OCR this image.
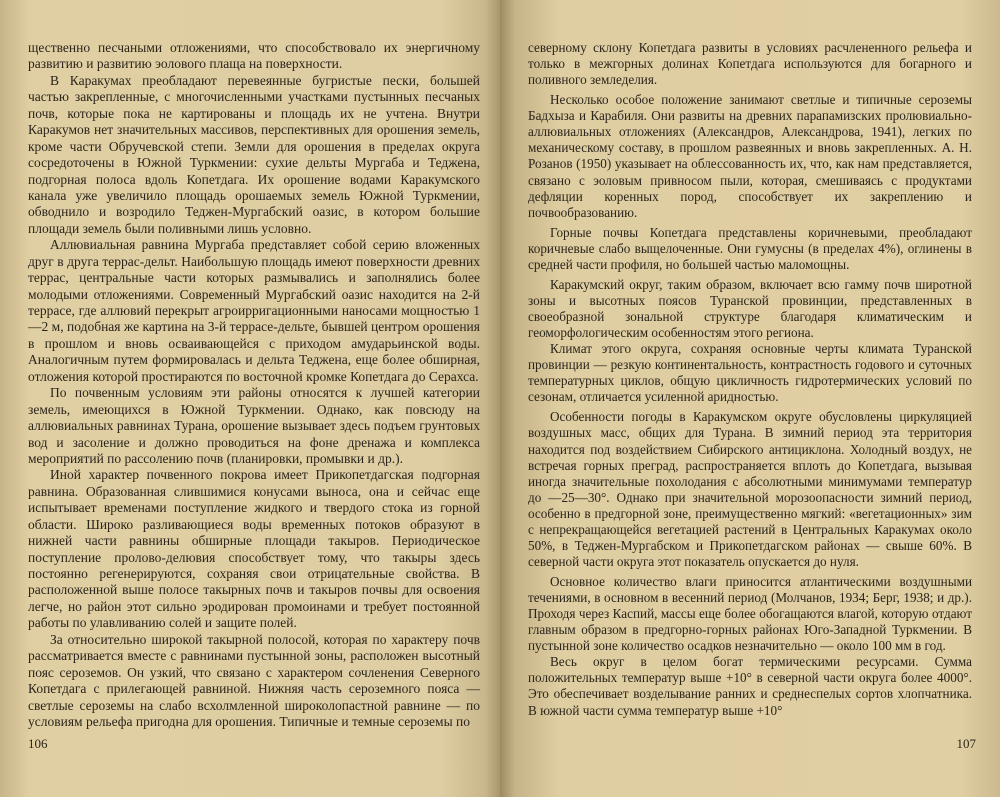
щественно песчаными отложениями, что способствовало их энергичному развитию и развитию эолового плаща на поверхности.

В Каракумах преобладают перевеянные бугристые пески, большей частью закрепленные, с многочисленными участками пустынных песчаных почв, которые пока не картированы и площадь их не учтена. Внутри Каракумов нет значительных массивов, перспективных для орошения земель, кроме части Обручевской степи. Земли для орошения в пределах округа сосредоточены в Южной Туркмении: сухие дельты Мургаба и Теджена, подгорная полоса вдоль Копетдага. Их орошение водами Каракумского канала уже увеличило площадь орошаемых земель Южной Туркмении, обводнило и возродило Теджен-Мургабский оазис, в котором большие площади земель были поливными лишь условно.

Аллювиальная равнина Мургаба представляет собой серию вложенных друг в друга террас-дельт. Наибольшую площадь имеют поверхности древних террас, центральные части которых размывались и заполнялись более молодыми отложениями. Современный Мургабский оазис находится на 2-й террасе, где аллювий перекрыт агроирригационными наносами мощностью 1—2 м, подобная же картина на 3-й террасе-дельте, бывшей центром орошения в прошлом и вновь осваивающейся с приходом амударьинской воды. Аналогичным путем формировалась и дельта Теджена, еще более обширная, отложения которой простираются по восточной кромке Копетдага до Серахса.

По почвенным условиям эти районы относятся к лучшей категории земель, имеющихся в Южной Туркмении. Однако, как повсюду на аллювиальных равнинах Турана, орошение вызывает здесь подъем грунтовых вод и засоление и должно проводиться на фоне дренажа и комплекса мероприятий по рассолению почв (планировки, промывки и др.).

Иной характер почвенного покрова имеет Прикопетдагская подгорная равнина. Образованная слившимися конусами выноса, она и сейчас еще испытывает временами поступление жидкого и твердого стока из горной области. Широко разливающиеся воды временных потоков образуют в нижней части равнины обширные площади такыров. Периодическое поступление пролово-делювия способствует тому, что такыры здесь постоянно регенерируются, сохраняя свои отрицательные свойства. В расположенной выше полосе такырных почв и такыров почвы для освоения легче, но район этот сильно эродирован промоинами и требует постоянной работы по улавливанию солей и защите полей.

За относительно широкой такырной полосой, которая по характеру почв рассматривается вместе с равнинами пустынной зоны, расположен высотный пояс сероземов. Он узкий, что связано с характером сочленения Северного Копетдага с прилегающей равниной. Нижняя часть сероземного пояса — светлые сероземы на слабо всхолмленной широколопастной равнине — по условиям рельефа пригодна для орошения. Типичные и темные сероземы по

106

северному склону Копетдага развиты в условиях расчлененного рельефа и только в межгорных долинах Копетдага используются для богарного и поливного земледелия.

Несколько особое положение занимают светлые и типичные сероземы Бадхыза и Карабиля. Они развиты на древних парапамизских пролювиально-аллювиальных отложениях (Александров, Александрова, 1941), легких по механическому составу, в прошлом развеянных и вновь закрепленных. А. Н. Розанов (1950) указывает на облессованность их, что, как нам представляется, связано с эоловым привносом пыли, которая, смешиваясь с продуктами дефляции коренных пород, способствует их закреплению и почвообразованию.

Горные почвы Копетдага представлены коричневыми, преобладают коричневые слабо выщелоченные. Они гумусны (в пределах 4%), оглинены в средней части профиля, но большей частью маломощны.

Каракумский округ, таким образом, включает всю гамму почв широтной зоны и высотных поясов Туранской провинции, представленных в своеобразной зональной структуре благодаря климатическим и геоморфологическим особенностям этого региона.

Климат этого округа, сохраняя основные черты климата Туранской провинции — резкую континентальность, контрастность годового и суточных температурных циклов, общую цикличность гидротермических условий по сезонам, отличается усиленной аридностью.

Особенности погоды в Каракумском округе обусловлены циркуляцией воздушных масс, общих для Турана. В зимний период эта территория находится под воздействием Сибирского антициклона. Холодный воздух, не встречая горных преград, распространяется вплоть до Копетдага, вызывая иногда значительные похолодания с абсолютными минимумами температур до —25—30°. Однако при значительной морозоопасности зимний период, особенно в предгорной зоне, преимущественно мягкий: «вегетационных» зим с непрекращающейся вегетацией растений в Центральных Каракумах около 50%, в Теджен-Мургабском и Прикопетдагском районах — свыше 60%. В северной части округа этот показатель опускается до нуля.

Основное количество влаги приносится атлантическими воздушными течениями, в основном в весенний период (Молчанов, 1934; Берг, 1938; и др.). Проходя через Каспий, массы еще более обогащаются влагой, которую отдают главным образом в предгорно-горных районах Юго-Западной Туркмении. В пустынной зоне количество осадков незначительно — около 100 мм в год.

Весь округ в целом богат термическими ресурсами. Сумма положительных температур выше +10° в северной части округа более 4000°. Это обеспечивает возделывание ранних и среднеспелых сортов хлопчатника. В южной части сумма температур выше +10°

107
